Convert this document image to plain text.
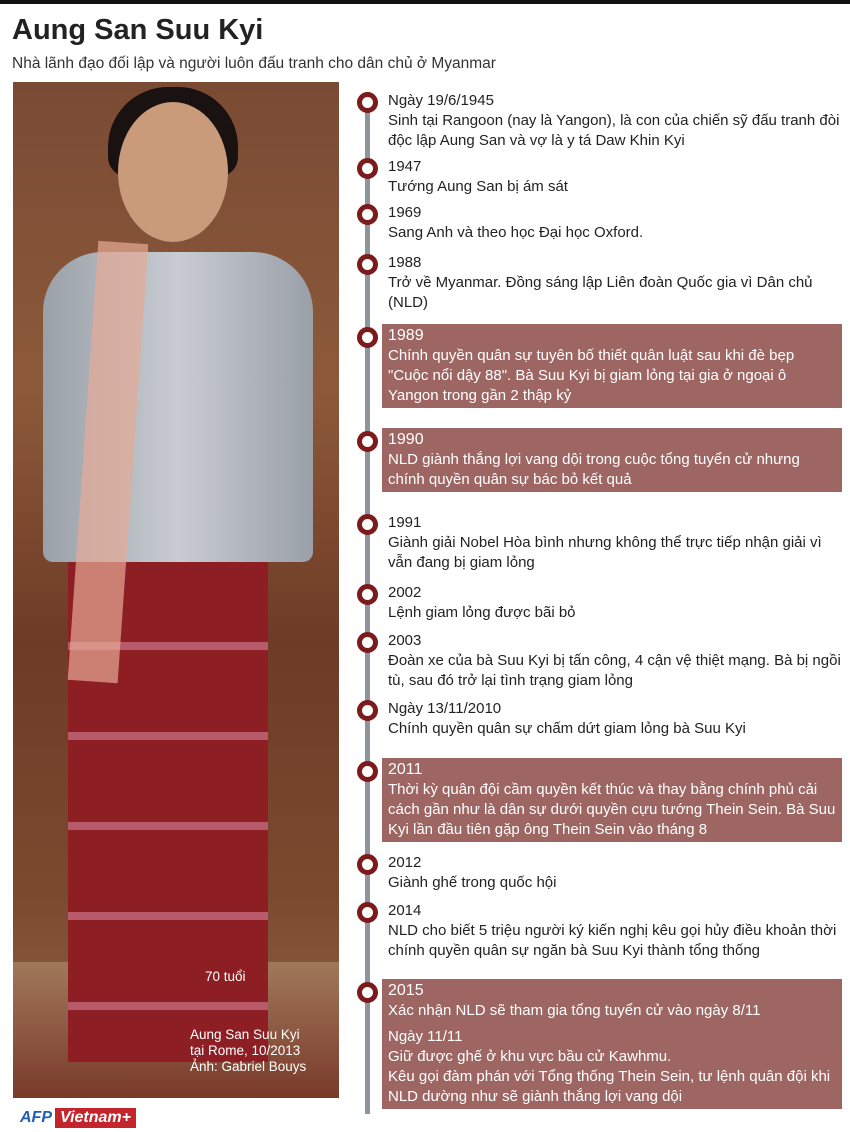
Aung San Suu Kyi
Nhà lãnh đạo đối lập và người luôn đấu tranh cho dân chủ ở Myanmar
70 tuổi
Aung San Suu Kyi
tại Rome, 10/2013
Ảnh: Gabriel Bouys
AFP Vietnam+
Ngày 19/6/1945
Sinh tại Rangoon (nay là Yangon), là con của chiến sỹ đấu tranh đòi độc lập Aung San và vợ là y tá Daw Khin Kyi
1947
Tướng Aung San bị ám sát
1969
Sang Anh và theo học Đại học Oxford.
1988
Trở về Myanmar. Đồng sáng lập Liên đoàn Quốc gia vì Dân chủ (NLD)
1989
Chính quyền quân sự tuyên bố thiết quân luật sau khi đè bẹp "Cuộc nổi dậy 88". Bà Suu Kyi bị giam lỏng tại gia ở ngoại ô Yangon trong gần 2 thập kỷ
1990
NLD giành thắng lợi vang dội trong cuộc tổng tuyển cử nhưng chính quyền quân sự bác bỏ kết quả
1991
Giành giải Nobel Hòa bình nhưng không thể trực tiếp nhận giải vì vẫn đang bị giam lỏng
2002
Lệnh giam lỏng được bãi bỏ
2003
Đoàn xe của bà Suu Kyi bị tấn công, 4 cận vệ thiệt mạng. Bà bị ngồi tù, sau đó trở lại tình trạng giam lỏng
Ngày 13/11/2010
Chính quyền quân sự chấm dứt giam lỏng bà Suu Kyi
2011
Thời kỳ quân đội cầm quyền kết thúc và thay bằng chính phủ cải cách gần như là dân sự dưới quyền cựu tướng Thein Sein. Bà Suu Kyi lần đầu tiên gặp ông Thein Sein vào tháng 8
2012
Giành ghế trong quốc hội
2014
NLD cho biết 5 triệu người ký kiến nghị kêu gọi hủy điều khoản thời chính quyền quân sự ngăn bà Suu Kyi thành tổng thống
2015
Xác nhận NLD sẽ tham gia tổng tuyển cử vào ngày 8/11
Ngày 11/11
Giữ được ghế ở khu vực bầu cử Kawhmu.
Kêu gọi đàm phán với Tổng thống Thein Sein, tư lệnh quân đội khi NLD dường như sẽ giành thắng lợi vang dội
